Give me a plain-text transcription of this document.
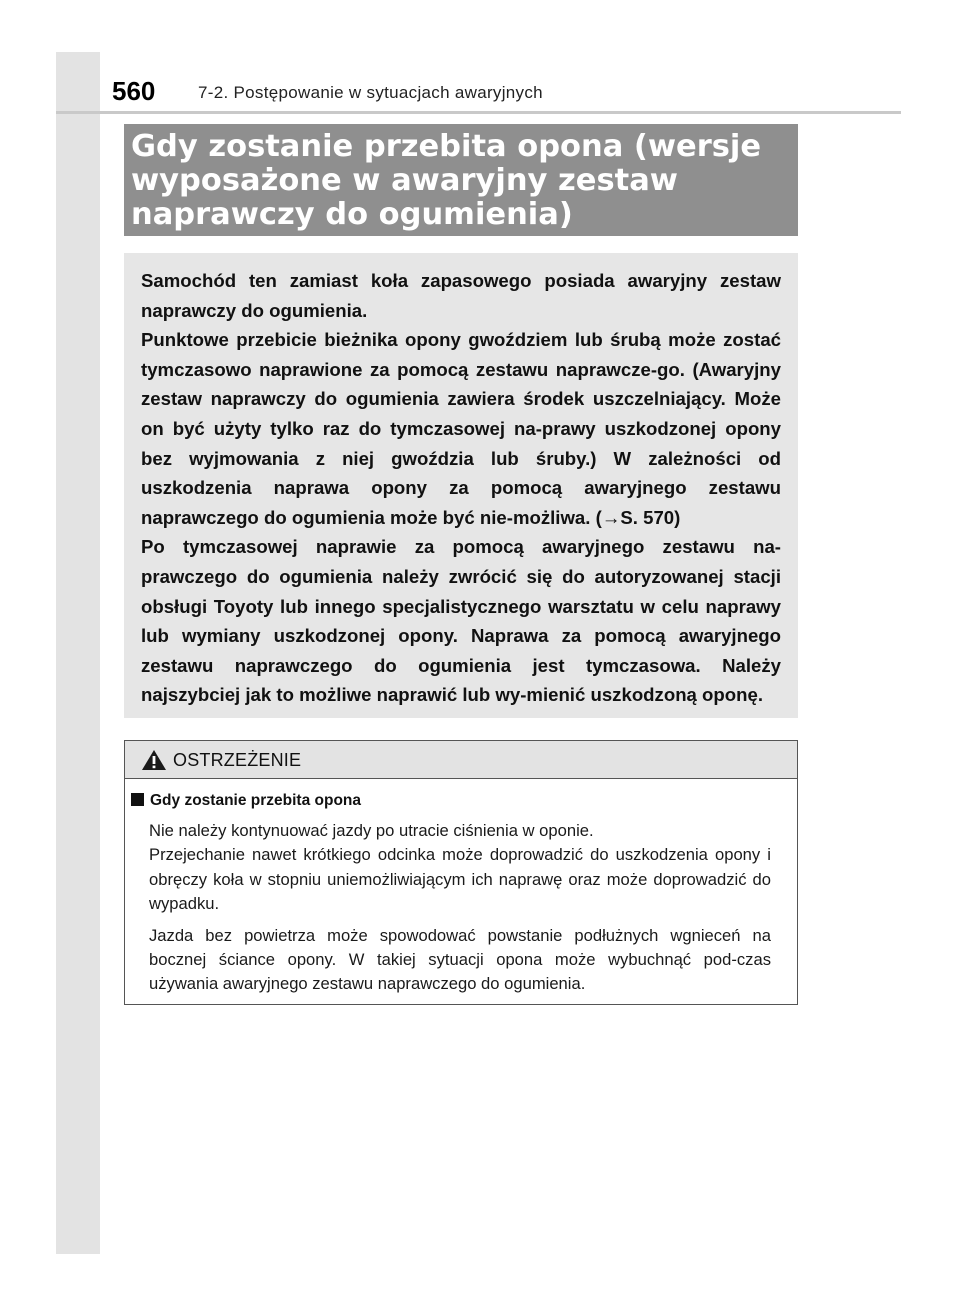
560	7-2. Postępowanie w sytuacjach awaryjnych
Gdy zostanie przebita opona (wersje wyposażone w awaryjny zestaw naprawczy do ogumienia)
Samochód ten zamiast koła zapasowego posiada awaryjny zestaw naprawczy do ogumienia.
Punktowe przebicie bieżnika opony gwoździem lub śrubą może zostać tymczasowo naprawione za pomocą zestawu naprawcze-go. (Awaryjny zestaw naprawczy do ogumienia zawiera środek uszczelniający. Może on być użyty tylko raz do tymczasowej na-prawy uszkodzonej opony bez wyjmowania z niej gwoździa lub śruby.) W zależności od uszkodzenia naprawa opony za pomocą awaryjnego zestawu naprawczego do ogumienia może być nie-możliwa. (→S. 570)
Po tymczasowej naprawie za pomocą awaryjnego zestawu na-prawczego do ogumienia należy zwrócić się do autoryzowanej stacji obsługi Toyoty lub innego specjalistycznego warsztatu w celu naprawy lub wymiany uszkodzonej opony. Naprawa za pomocą awaryjnego zestawu naprawczego do ogumienia jest tymczasowa. Należy najszybciej jak to możliwe naprawić lub wy-mienić uszkodzoną oponę.
OSTRZEŻENIE
Gdy zostanie przebita opona

Nie należy kontynuować jazdy po utracie ciśnienia w oponie.
Przejechanie nawet krótkiego odcinka może doprowadzić do uszkodzenia opony i obręczy koła w stopniu uniemożliwiającym ich naprawę oraz może doprowadzić do wypadku.

Jazda bez powietrza może spowodować powstanie podłużnych wgnieceń na bocznej ściance opony. W takiej sytuacji opona może wybuchnąć pod-czas używania awaryjnego zestawu naprawczego do ogumienia.
